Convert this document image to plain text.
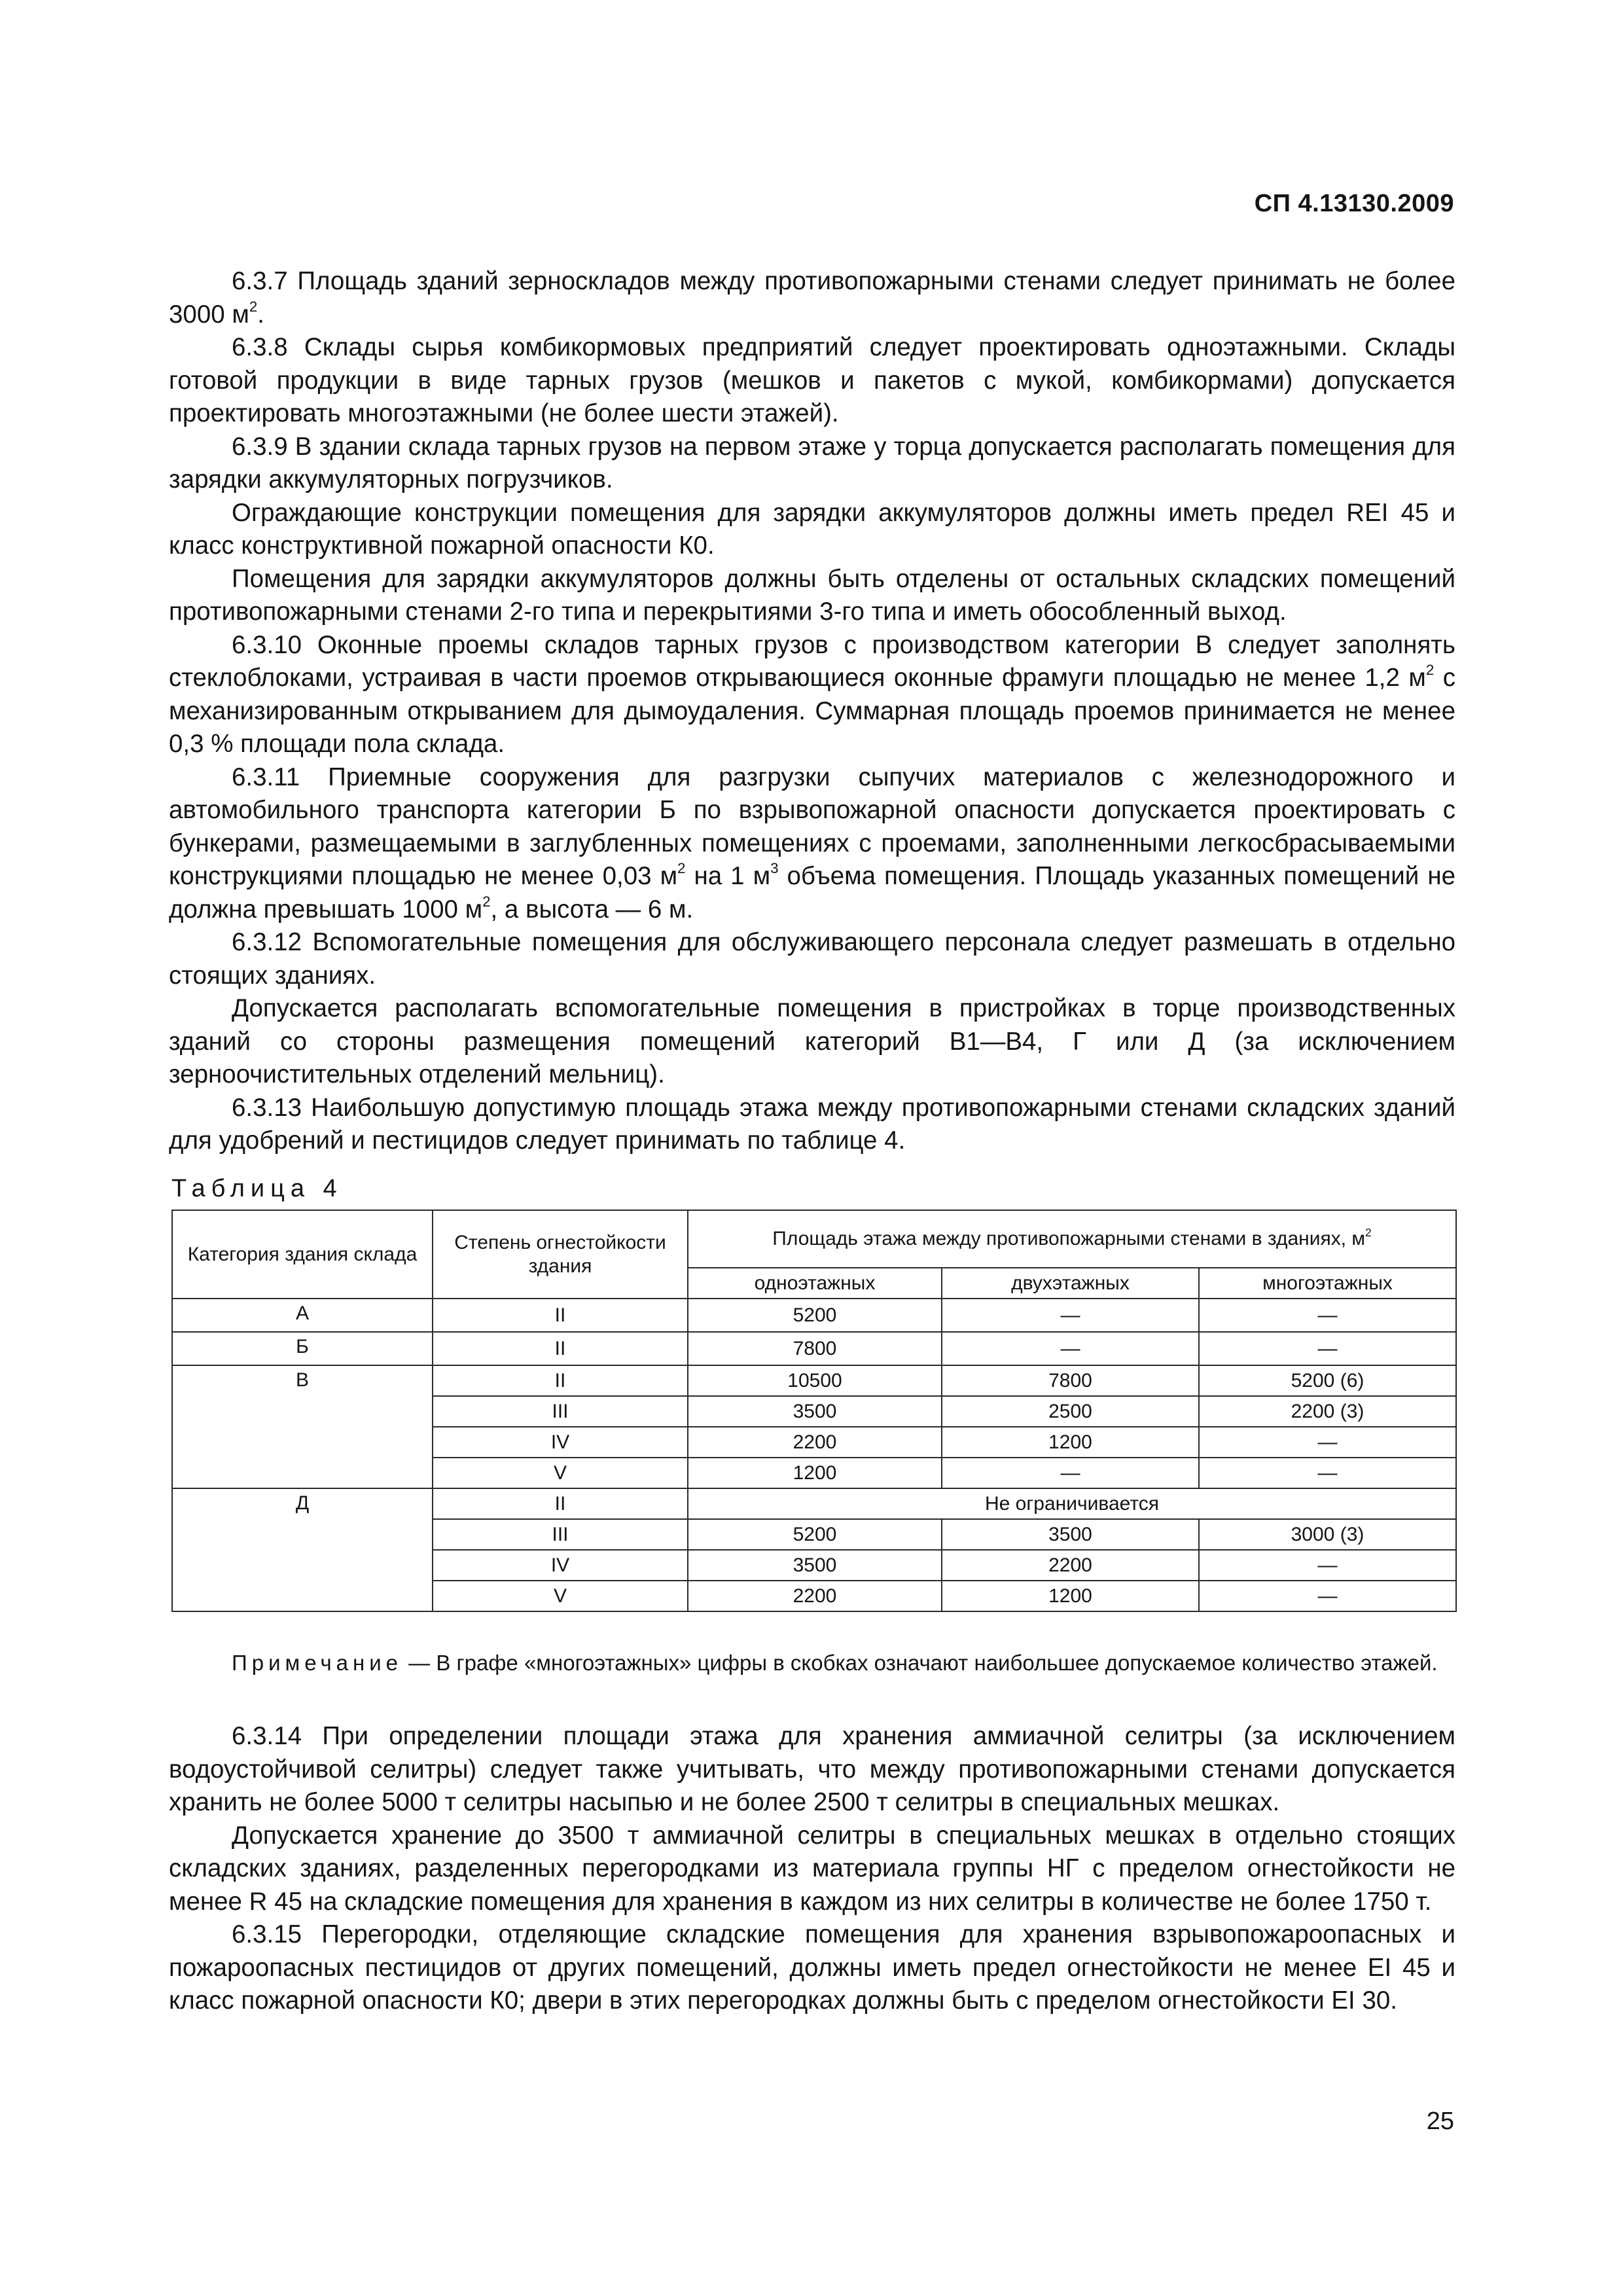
СП 4.13130.2009

6.3.7 Площадь зданий зерноскладов между противопожарными стенами следует принимать не более 3000 $м^2$.

6.3.8 Склады сырья комбикормовых предприятий следует проектировать одноэтажными. Склады готовой продукции в виде тарных грузов (мешков и пакетов с мукой, комбикормами) допускается проектировать многоэтажными (не более шести этажей).

6.3.9 В здании склада тарных грузов на первом этаже у торца допускается располагать помещения для зарядки аккумуляторных погрузчиков.

Ограждающие конструкции помещения для зарядки аккумуляторов должны иметь предел REI 45 и класс конструктивной пожарной опасности К0.

Помещения для зарядки аккумуляторов должны быть отделены от остальных складских помещений противопожарными стенами 2-го типа и перекрытиями 3-го типа и иметь обособленный выход.

6.3.10 Оконные проемы складов тарных грузов с производством категории В следует заполнять стеклоблоками, устраивая в части проемов открывающиеся оконные фрамуги площадью не менее 1,2 $м^2$ с механизированным открыванием для дымоудаления. Суммарная площадь проемов принимается не менее 0,3 % площади пола склада.

6.3.11 Приемные сооружения для разгрузки сыпучих материалов с железнодорожного и автомобильного транспорта категории Б по взрывопожарной опасности допускается проектировать с бункерами, размещаемыми в заглубленных помещениях с проемами, заполненными легкосбрасываемыми конструкциями площадью не менее 0,03 $м^2$ на 1 $м^3$ объема помещения. Площадь указанных помещений не должна превышать 1000 $м^2$, а высота — 6 м.

6.3.12 Вспомогательные помещения для обслуживающего персонала следует размешать в отдельно стоящих зданиях.

Допускается располагать вспомогательные помещения в пристройках в торце производственных зданий со стороны размещения помещений категорий В1—В4, Г или Д (за исключением зерноочистительных отделений мельниц).

6.3.13 Наибольшую допустимую площадь этажа между противопожарными стенами складских зданий для удобрений и пестицидов следует принимать по таблице 4.

Таблица 4
Категория здания склада	Степень огнестойкости здания	Площадь этажа между противопожарными стенами в зданиях, $м^2$
		одноэтажных	двухэтажных	многоэтажных
А	II	5200	—	—
Б	II	7800	—	—
В	II	10500	7800	5200 (6)
	III	3500	2500	2200 (3)
	IV	2200	1200	—
	V	1200	—	—
Д	II	Не ограничивается		
	III	5200	3500	3000 (3)
	IV	3500	2200	—
	V	2200	1200	—

Примечание — В графе «многоэтажных» цифры в скобках означают наибольшее допускаемое количество этажей.

6.3.14 При определении площади этажа для хранения аммиачной селитры (за исключением водоустойчивой селитры) следует также учитывать, что между противопожарными стенами допускается хранить не более 5000 т селитры насыпью и не более 2500 т селитры в специальных мешках.

Допускается хранение до 3500 т аммиачной селитры в специальных мешках в отдельно стоящих складских зданиях, разделенных перегородками из материала группы НГ с пределом огнестойкости не менее R 45 на складские помещения для хранения в каждом из них селитры в количестве не более 1750 т.

6.3.15 Перегородки, отделяющие складские помещения для хранения взрывопожароопасных и пожароопасных пестицидов от других помещений, должны иметь предел огнестойкости не менее EI 45 и класс пожарной опасности К0; двери в этих перегородках должны быть с пределом огнестойкости EI 30.

25
